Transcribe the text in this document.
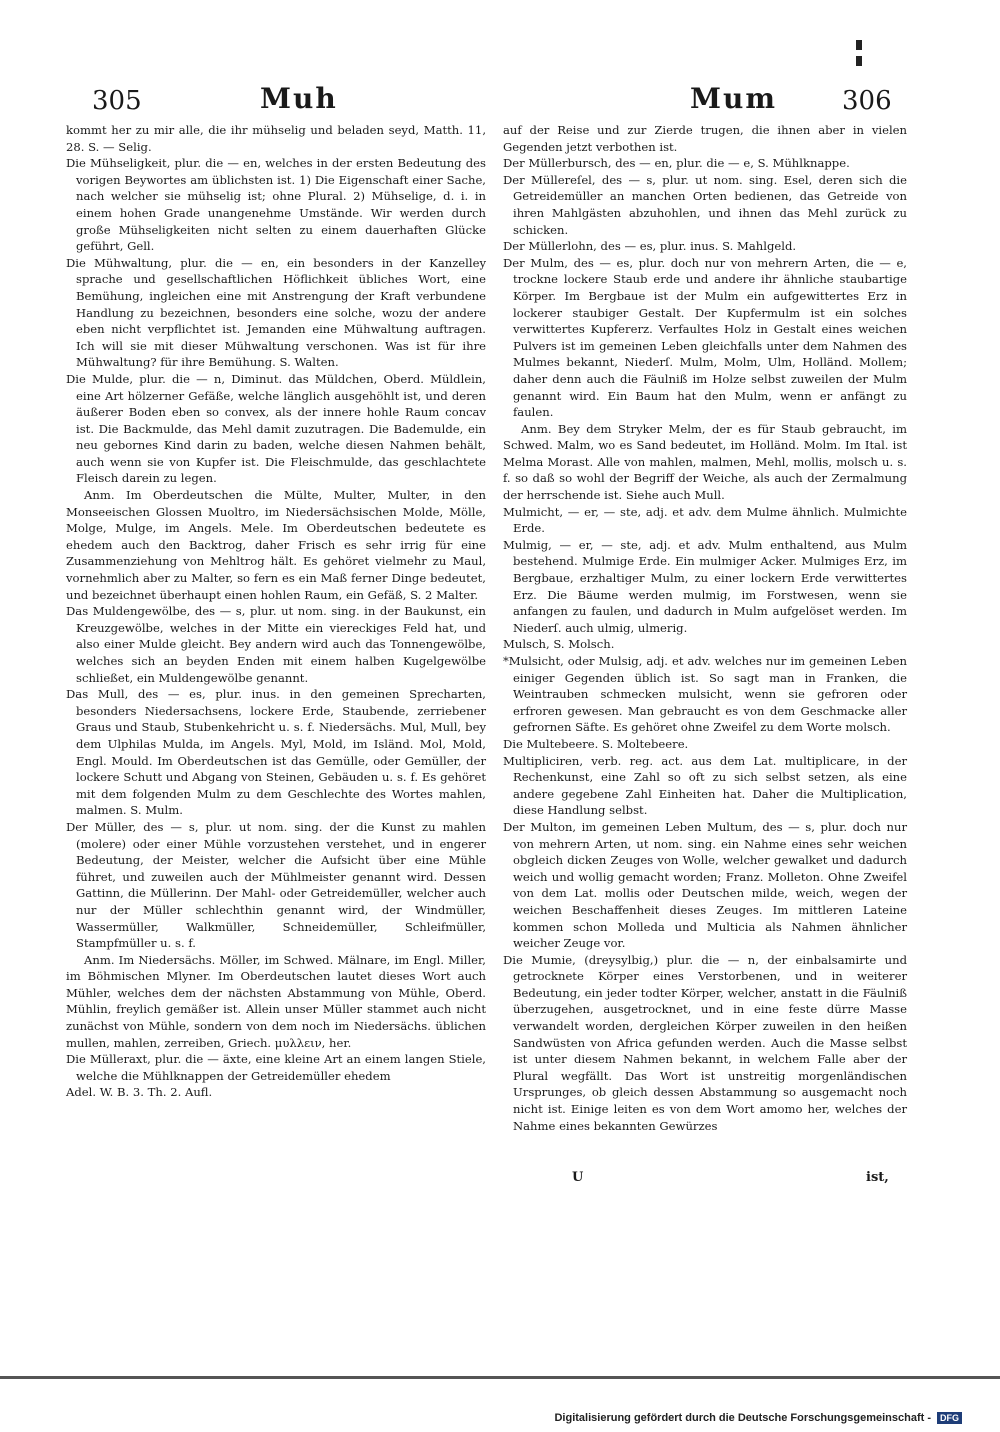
305	Muh	Mum	306

kommt her zu mir alle, die ihr mühselig und beladen seyd, Matth. 11, 28. S. — Selig.

Die Mühseligkeit, plur. die — en, welches in der ersten Bedeutung des vorigen Beywortes am üblichsten ist. 1) Die Eigenschaft einer Sache, nach welcher sie mühselig ist; ohne Plural. 2) Mühselige, d. i. in einem hohen Grade unangenehme Umstände. Wir werden durch große Mühseligkeiten nicht selten zu einem dauerhaften Glücke geführt, Gell.

Die Mühwaltung, plur. die — en, ein besonders in der Kanzelley sprache und gesellschaftlichen Höflichkeit übliches Wort, eine Bemühung, ingleichen eine mit Anstrengung der Kraft verbundene Handlung zu bezeichnen, besonders eine solche, wozu der andere eben nicht verpflichtet ist. Jemanden eine Mühwaltung auftragen. Ich will sie mit dieser Mühwaltung verschonen. Was ist für ihre Mühwaltung? für ihre Bemühung. S. Walten.

Die Mulde, plur. die — n, Diminut. das Müldchen, Oberd. Müldlein, eine Art hölzerner Gefäße, welche länglich ausgehöhlt ist, und deren äußerer Boden eben so convex, als der innere hohle Raum concav ist. Die Backmulde, das Mehl damit zuzutragen. Die Bademulde, ein neu gebornes Kind darin zu baden, welche diesen Nahmen behält, auch wenn sie von Kupfer ist. Die Fleischmulde, das geschlachtete Fleisch darein zu legen.

Anm. Im Oberdeutschen die Mülte, Multer, Multer, in den Monseeischen Glossen Muoltro, im Niedersächsischen Molde, Mölle, Molge, Mulge, im Angels. Mele. Im Oberdeutschen bedeutete es ehedem auch den Backtrog, daher Frisch es sehr irrig für eine Zusammenziehung von Mehltrog hält. Es gehöret vielmehr zu Maul, vornehmlich aber zu Malter, so fern es ein Maß ferner Dinge bedeutet, und bezeichnet überhaupt einen hohlen Raum, ein Gefäß, S. 2 Malter.

Das Muldengewölbe, des — s, plur. ut nom. sing. in der Baukunst, ein Kreuzgewölbe, welches in der Mitte ein viereckiges Feld hat, und also einer Mulde gleicht. Bey andern wird auch das Tonnengewölbe, welches sich an beyden Enden mit einem halben Kugelgewölbe schließet, ein Muldengewölbe genannt.

Das Mull, des — es, plur. inus. in den gemeinen Sprecharten, besonders Niedersachsens, lockere Erde, Staubende, zerriebener Graus und Staub, Stubenkehricht u. s. f. Niedersächs. Mul, Mull, bey dem Ulphilas Mulda, im Angels. Myl, Mold, im Isländ. Mol, Mold, Engl. Mould. Im Oberdeutschen ist das Gemülle, oder Gemüller, der lockere Schutt und Abgang von Steinen, Gebäuden u. s. f. Es gehöret mit dem folgenden Mulm zu dem Geschlechte des Wortes mahlen, malmen. S. Mulm.

Der Müller, des — s, plur. ut nom. sing. der die Kunst zu mahlen (molere) oder einer Mühle vorzustehen verstehet, und in engerer Bedeutung, der Meister, welcher die Aufsicht über eine Mühle führet, und zuweilen auch der Mühlmeister genannt wird. Dessen Gattinn, die Müllerinn. Der Mahl- oder Getreidemüller, welcher auch nur der Müller schlechthin genannt wird, der Windmüller, Wassermüller, Walkmüller, Schneidemüller, Schleifmüller, Stampfmüller u. s. f.

Anm. Im Niedersächs. Möller, im Schwed. Mälnare, im Engl. Miller, im Böhmischen Mlyner. Im Oberdeutschen lautet dieses Wort auch Mühler, welches dem der nächsten Abstammung von Mühle, Oberd. Mühlin, freylich gemäßer ist. Allein unser Müller stammet auch nicht zunächst von Mühle, sondern von dem noch im Niedersächs. üblichen mullen, mahlen, zerreiben, Griech. μυλλειν, her.

Die Mülleraxt, plur. die — äxte, eine kleine Art an einem langen Stiele, welche die Mühlknappen der Getreidemüller ehedem

Adel. W. B. 3. Th. 2. Aufl.

auf der Reise und zur Zierde trugen, die ihnen aber in vielen Gegenden jetzt verbothen ist.

Der Müllerbursch, des — en, plur. die — e, S. Mühlknappe.

Der Müllereſel, des — s, plur. ut nom. sing. Esel, deren sich die Getreidemüller an manchen Orten bedienen, das Getreide von ihren Mahlgästen abzuhohlen, und ihnen das Mehl zurück zu schicken.

Der Müllerlohn, des — es, plur. inus. S. Mahlgeld.

Der Mulm, des — es, plur. doch nur von mehrern Arten, die — e, trockne lockere Staub erde und andere ihr ähnliche staubartige Körper. Im Bergbaue ist der Mulm ein aufgewittertes Erz in lockerer staubiger Gestalt. Der Kupfermulm ist ein solches verwittertes Kupfererz. Verfaultes Holz in Gestalt eines weichen Pulvers ist im gemeinen Leben gleichfalls unter dem Nahmen des Mulmes bekannt, Niederſ. Mulm, Molm, Ulm, Holländ. Mollem; daher denn auch die Fäulniß im Holze selbst zuweilen der Mulm genannt wird. Ein Baum hat den Mulm, wenn er anfängt zu faulen.

Anm. Bey dem Stryker Melm, der es für Staub gebraucht, im Schwed. Malm, wo es Sand bedeutet, im Holländ. Molm. Im Ital. ist Melma Morast. Alle von mahlen, malmen, Mehl, mollis, molsch u. s. f. so daß so wohl der Begriff der Weiche, als auch der Zermalmung der herrschende ist. Siehe auch Mull.

Mulmicht, — er, — ste, adj. et adv. dem Mulme ähnlich. Mulmichte Erde.

Mulmig, — er, — ste, adj. et adv. Mulm enthaltend, aus Mulm bestehend. Mulmige Erde. Ein mulmiger Acker. Mulmiges Erz, im Bergbaue, erzhaltiger Mulm, zu einer lockern Erde verwittertes Erz. Die Bäume werden mulmig, im Forstwesen, wenn sie anfangen zu faulen, und dadurch in Mulm aufgelöset werden. Im Niederſ. auch ulmig, ulmerig.

Mulsch, S. Molsch.

*Mulsicht, oder Mulsig, adj. et adv. welches nur im gemeinen Leben einiger Gegenden üblich ist. So sagt man in Franken, die Weintrauben schmecken mulsicht, wenn sie gefroren oder erfroren gewesen. Man gebraucht es von dem Geschmacke aller gefrornen Säfte. Es gehöret ohne Zweifel zu dem Worte molsch.

Die Multebeere. S. Moltebeere.

Multipliciren, verb. reg. act. aus dem Lat. multiplicare, in der Rechenkunst, eine Zahl so oft zu sich selbst setzen, als eine andere gegebene Zahl Einheiten hat. Daher die Multiplication, diese Handlung selbst.

Der Multon, im gemeinen Leben Multum, des — s, plur. doch nur von mehrern Arten, ut nom. sing. ein Nahme eines sehr weichen obgleich dicken Zeuges von Wolle, welcher gewalket und dadurch weich und wollig gemacht worden; Franz. Molleton. Ohne Zweifel von dem Lat. mollis oder Deutschen milde, weich, wegen der weichen Beschaffenheit dieses Zeuges. Im mittleren Lateine kommen schon Molleda und Multicia als Nahmen ähnlicher weicher Zeuge vor.

Die Mumie, (dreysylbig,) plur. die — n, der einbalsamirte und getrocknete Körper eines Verstorbenen, und in weiterer Bedeutung, ein jeder todter Körper, welcher, anstatt in die Fäulniß überzugehen, ausgetrocknet, und in eine feste dürre Masse verwandelt worden, dergleichen Körper zuweilen in den heißen Sandwüsten von Africa gefunden werden. Auch die Masse selbst ist unter diesem Nahmen bekannt, in welchem Falle aber der Plural wegfällt. Das Wort ist unstreitig morgenländischen Ursprunges, ob gleich dessen Abstammung so ausgemacht noch nicht ist. Einige leiten es von dem Wort amomo her, welches der Nahme eines bekannten Gewürzes

U	ist,
Digitalisierung gefördert durch die Deutsche Forschungsgemeinschaft -	DFG
